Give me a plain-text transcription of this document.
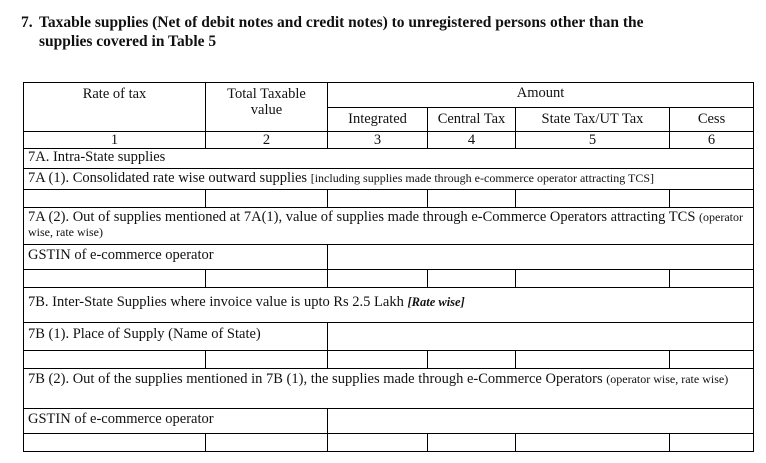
7. Taxable supplies (Net of debit notes and credit notes) to unregistered persons other than the
supplies covered in Table 5
Rate of tax	Total Taxable value	Amount			
		Integrated	Central Tax	State Tax/UT Tax	Cess
1	2	3	4	5	6
7A. Intra-State supplies					
7A (1). Consolidated rate wise outward supplies [including supplies made through e-commerce operator attracting TCS]					

7A (2). Out of supplies mentioned at 7A(1), value of supplies made through e-Commerce Operators attracting TCS (operator wise, rate wise)					
GSTIN of e-commerce operator					

7B. Inter-State Supplies where invoice value is upto Rs 2.5 Lakh [Rate wise]					
7B (1). Place of Supply (Name of State)					

7B (2). Out of the supplies mentioned in 7B (1), the supplies made through e-Commerce Operators (operator wise, rate wise)					
GSTIN of e-commerce operator					
